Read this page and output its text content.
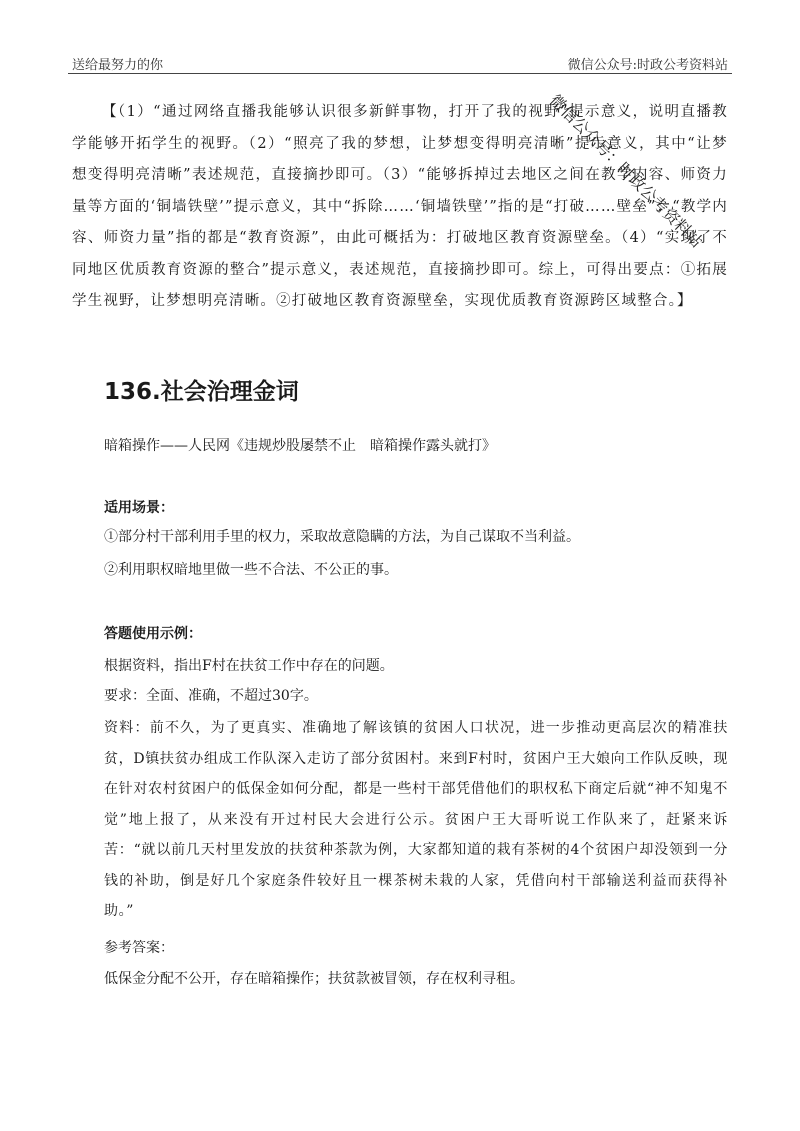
送给最努力的你	微信公众号:时政公考资料站
微信公众号：时政公考资料站
【（1）“通过网络直播我能够认识很多新鲜事物，打开了我的视野”提示意义，说明直播教学能够开拓学生的视野。（2）“照亮了我的梦想，让梦想变得明亮清晰”提示意义，其中“让梦想变得明亮清晰”表述规范，直接摘抄即可。（3）“能够拆掉过去地区之间在教学内容、师资力量等方面的‘铜墙铁壁’”提示意义，其中“拆除……‘铜墙铁壁’”指的是“打破……壁垒”；“教学内容、师资力量”指的都是“教育资源”，由此可概括为：打破地区教育资源壁垒。（4）“实现了不同地区优质教育资源的整合”提示意义，表述规范，直接摘抄即可。综上，可得出要点：①拓展学生视野，让梦想明亮清晰。②打破地区教育资源壁垒，实现优质教育资源跨区域整合。】
136.社会治理金词
暗箱操作——人民网《违规炒股屡禁不止　暗箱操作露头就打》
适用场景：
①部分村干部利用手里的权力，采取故意隐瞒的方法，为自己谋取不当利益。
②利用职权暗地里做一些不合法、不公正的事。
答题使用示例：
根据资料，指出F村在扶贫工作中存在的问题。
要求：全面、准确，不超过30字。
资料：前不久，为了更真实、准确地了解该镇的贫困人口状况，进一步推动更高层次的精准扶贫，D镇扶贫办组成工作队深入走访了部分贫困村。来到F村时，贫困户王大娘向工作队反映，现在针对农村贫困户的低保金如何分配，都是一些村干部凭借他们的职权私下商定后就“神不知鬼不觉”地上报了，从来没有开过村民大会进行公示。贫困户王大哥听说工作队来了，赶紧来诉苦：“就以前几天村里发放的扶贫种茶款为例，大家都知道的栽有茶树的4个贫困户却没领到一分钱的补助，倒是好几个家庭条件较好且一棵茶树未栽的人家，凭借向村干部输送利益而获得补助。”
参考答案：
低保金分配不公开，存在暗箱操作；扶贫款被冒领，存在权利寻租。
